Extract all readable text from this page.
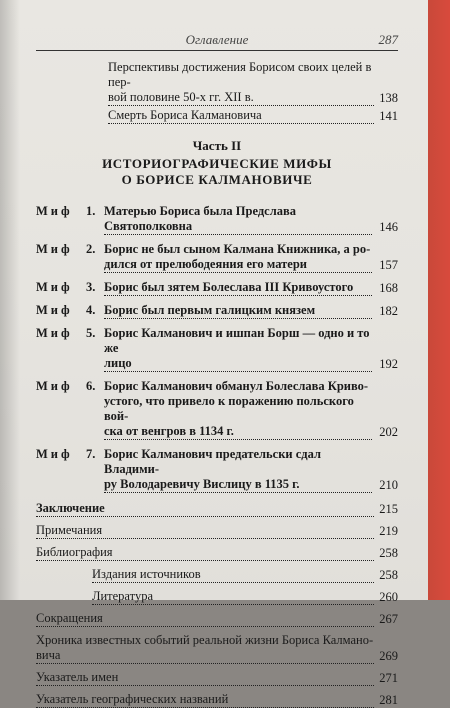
Оглавление	287
Перспективы достижения Борисом своих целей в пер-
вой половине 50-х гг. XII в.	138
Смерть Бориса Калмановича	141
Часть II
ИСТОРИОГРАФИЧЕСКИЕ МИФЫ
О БОРИСЕ КАЛМАНОВИЧЕ
Миф 1. Матерью Бориса была Предслава Святополковна	146
Миф 2. Борис не был сыном Калмана Книжника, а ро-
дился от прелюбодеяния его матери	157
Миф 3. Борис был зятем Болеслава III Кривоустого	168
Миф 4. Борис был первым галицким князем	182
Миф 5. Борис Калманович и ишпан Борш — одно и то же
лицо	192
Миф 6. Борис Калманович обманул Болеслава Криво-
устого, что привело к поражению польского вой-
ска от венгров в 1134 г.	202
Миф 7. Борис Калманович предательски сдал Владими-
ру Володаревичу Вислицу в 1135 г.	210
Заключение	215
Примечания	219
Библиография	258
Издания источников	258
Литература	260
Сокращения	267
Хроника известных событий реальной жизни Бориса Калмано-
вича	269
Указатель имен	271
Указатель географических названий	281
